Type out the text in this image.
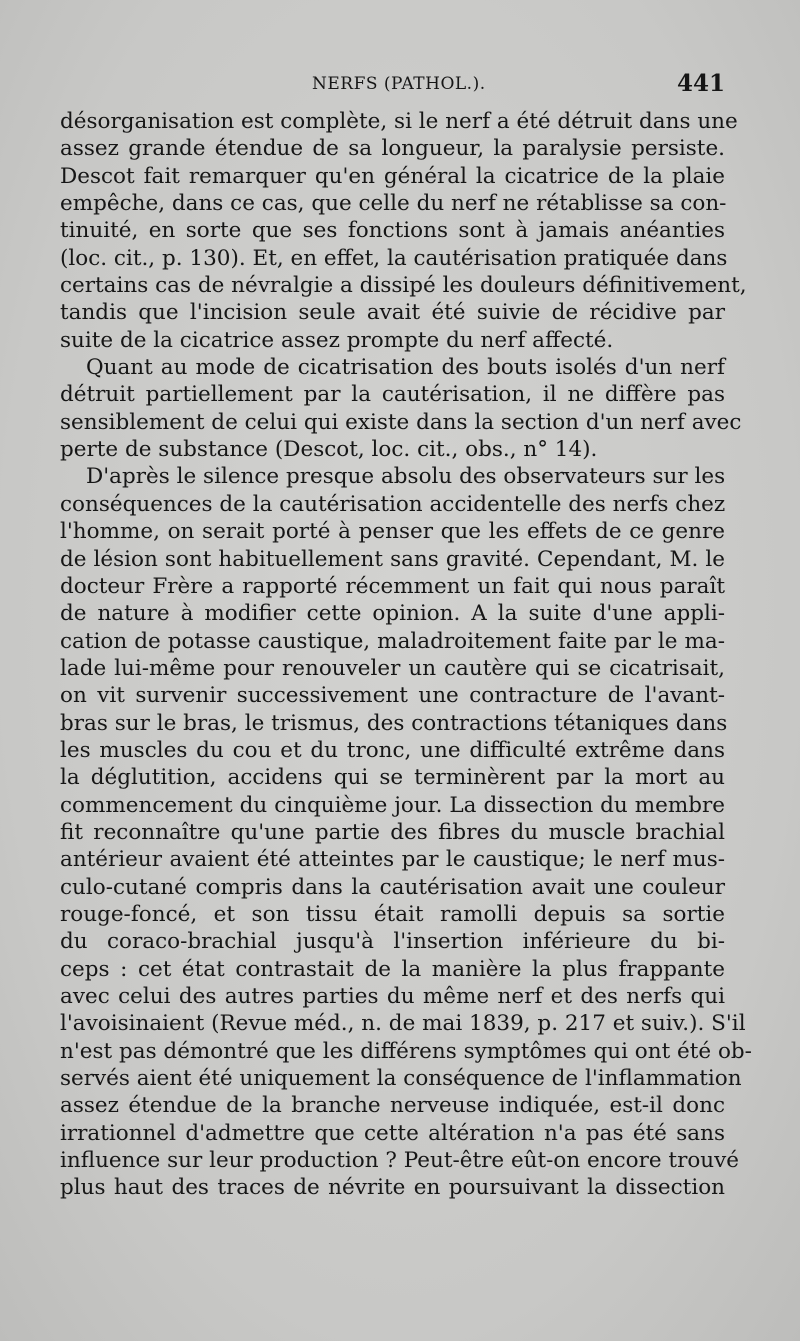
NERFS (PATHOL.).	441
désorganisation est complète, si le nerf a été détruit dans une
assez grande étendue de sa longueur, la paralysie persiste.
Descot fait remarquer qu'en général la cicatrice de la plaie
empêche, dans ce cas, que celle du nerf ne rétablisse sa con-
tinuité, en sorte que ses fonctions sont à jamais anéanties
(loc. cit., p. 130). Et, en effet, la cautérisation pratiquée dans
certains cas de névralgie a dissipé les douleurs définitivement,
tandis que l'incision seule avait été suivie de récidive par
suite de la cicatrice assez prompte du nerf affecté.
Quant au mode de cicatrisation des bouts isolés d'un nerf
détruit partiellement par la cautérisation, il ne diffère pas
sensiblement de celui qui existe dans la section d'un nerf avec
perte de substance (Descot, loc. cit., obs., n° 14).
D'après le silence presque absolu des observateurs sur les
conséquences de la cautérisation accidentelle des nerfs chez
l'homme, on serait porté à penser que les effets de ce genre
de lésion sont habituellement sans gravité. Cependant, M. le
docteur Frère a rapporté récemment un fait qui nous paraît
de nature à modifier cette opinion. A la suite d'une appli-
cation de potasse caustique, maladroitement faite par le ma-
lade lui-même pour renouveler un cautère qui se cicatrisait,
on vit survenir successivement une contracture de l'avant-
bras sur le bras, le trismus, des contractions tétaniques dans
les muscles du cou et du tronc, une difficulté extrême dans
la déglutition, accidens qui se terminèrent par la mort au
commencement du cinquième jour. La dissection du membre
fit reconnaître qu'une partie des fibres du muscle brachial
antérieur avaient été atteintes par le caustique; le nerf mus-
culo-cutané compris dans la cautérisation avait une couleur
rouge-foncé, et son tissu était ramolli depuis sa sortie
du coraco-brachial jusqu'à l'insertion inférieure du bi-
ceps : cet état contrastait de la manière la plus frappante
avec celui des autres parties du même nerf et des nerfs qui
l'avoisinaient (Revue méd., n. de mai 1839, p. 217 et suiv.). S'il
n'est pas démontré que les différens symptômes qui ont été ob-
servés aient été uniquement la conséquence de l'inflammation
assez étendue de la branche nerveuse indiquée, est-il donc
irrationnel d'admettre que cette altération n'a pas été sans
influence sur leur production ? Peut-être eût-on encore trouvé
plus haut des traces de névrite en poursuivant la dissection
